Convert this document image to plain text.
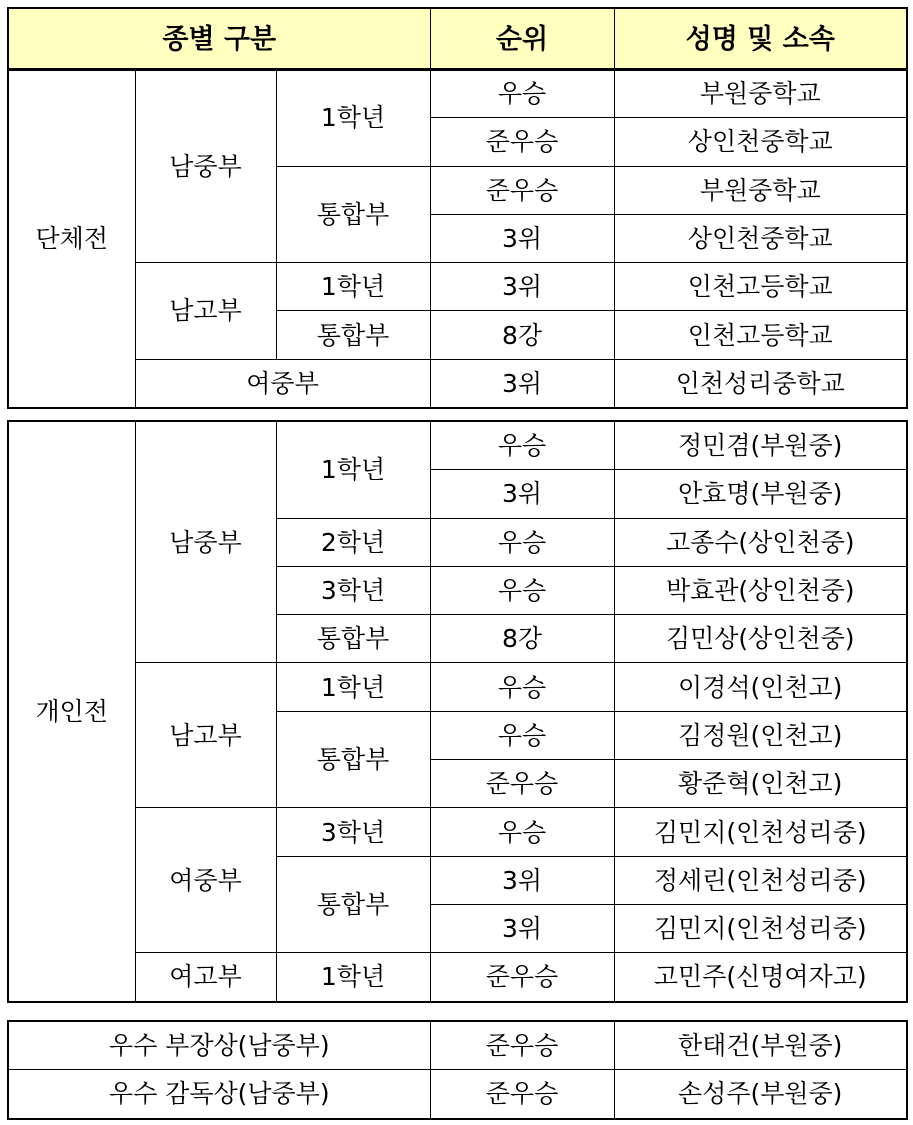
종별 구분	순위	성명 및 소속
단체전	남중부	1학년	우승	부원중학교
			준우승	상인천중학교
		통합부	준우승	부원중학교
			3위	상인천중학교
	남고부	1학년	3위	인천고등학교
		통합부	8강	인천고등학교
	여중부		3위	인천성리중학교
개인전	남중부	1학년	우승	정민겸(부원중)
			3위	안효명(부원중)
		2학년	우승	고종수(상인천중)
		3학년	우승	박효관(상인천중)
		통합부	8강	김민상(상인천중)
	남고부	1학년	우승	이경석(인천고)
		통합부	우승	김정원(인천고)
			준우승	황준혁(인천고)
	여중부	3학년	우승	김민지(인천성리중)
		통합부	3위	정세린(인천성리중)
			3위	김민지(인천성리중)
	여고부	1학년	준우승	고민주(신명여자고)
우수 부장상(남중부)	준우승	한태건(부원중)
우수 감독상(남중부)	준우승	손성주(부원중)
